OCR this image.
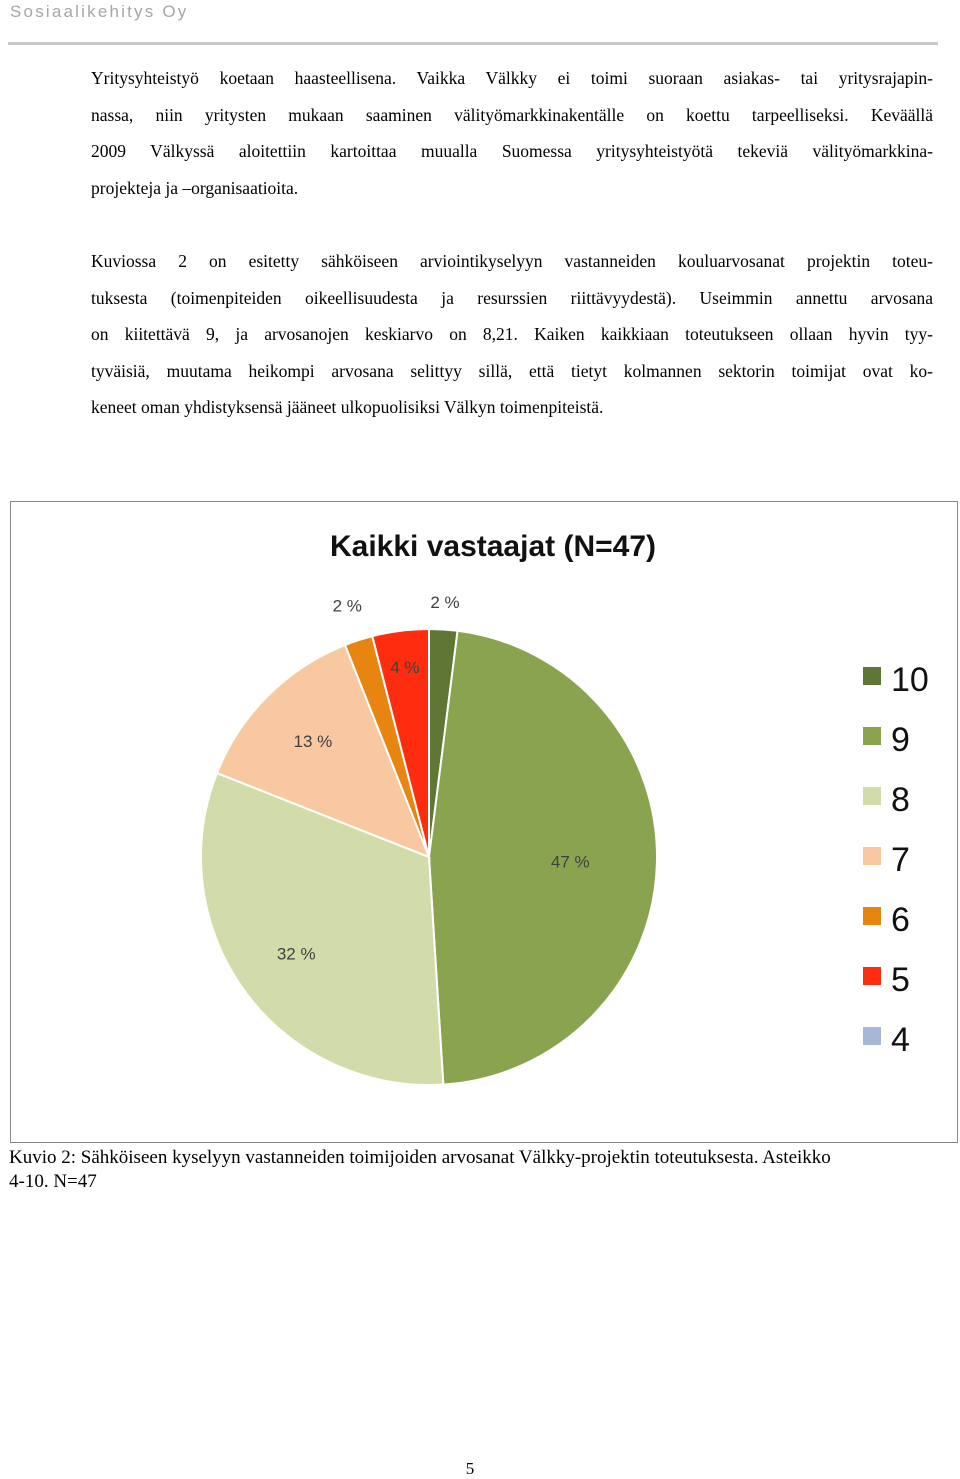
Sosiaalikehitys Oy

Yritysyhteistyö koetaan haasteellisena. Vaikka Välkky ei toimi suoraan asiakas- tai yritysrajapin-
nassa, niin yritysten mukaan saaminen välityömarkkinakentälle on koettu tarpeelliseksi. Keväällä
2009 Välkyssä aloitettiin kartoittaa muualla Suomessa yritysyhteistyötä tekeviä välityömarkkina-
projekteja ja –organisaatioita.

Kuviossa 2 on esitetty sähköiseen arviointikyselyyn vastanneiden kouluarvosanat projektin toteu-
tuksesta (toimenpiteiden oikeellisuudesta ja resurssien riittävyydestä). Useimmin annettu arvosana
on kiitettävä 9, ja arvosanojen keskiarvo on 8,21. Kaiken kaikkiaan toteutukseen ollaan hyvin tyy-
tyväisiä, muutama heikompi arvosana selittyy sillä, että tietyt kolmannen sektorin toimijat ovat ko-
keneet oman yhdistyksensä jääneet ulkopuolisiksi Välkyn toimenpiteistä.

Kaikki vastaajat (N=47)
2 %
47 %
32 %
13 %
2 %
4 %	10
9
8
7
6
5
4
Kuvio 2: Sähköiseen kyselyyn vastanneiden toimijoiden arvosanat Välkky-projektin toteutuksesta. Asteikko
4-10. N=47
5
